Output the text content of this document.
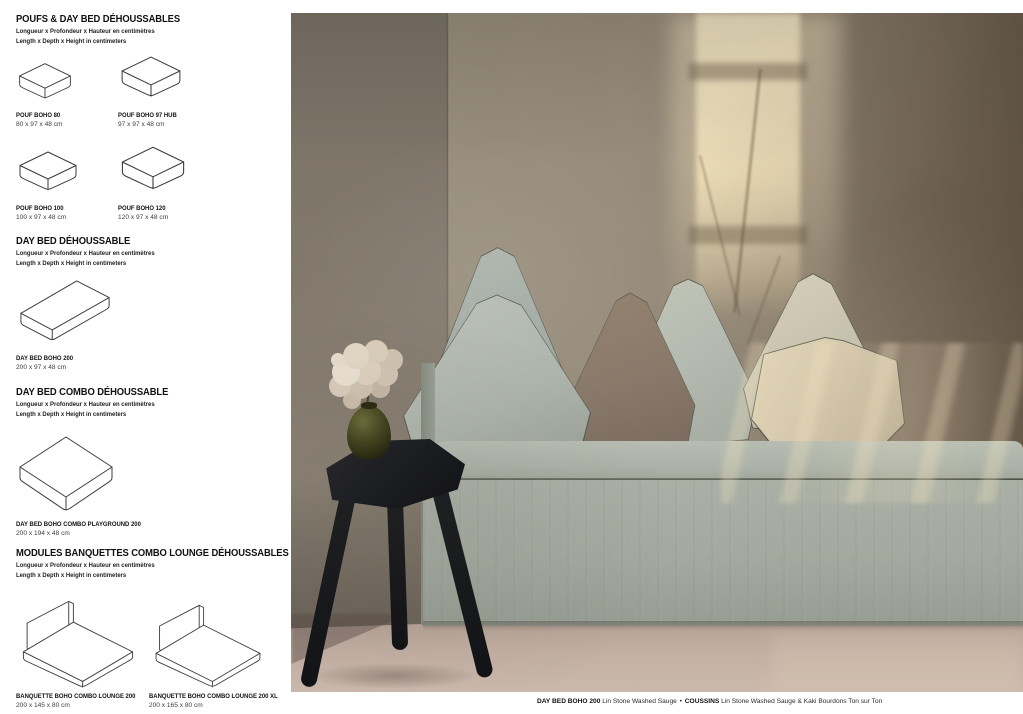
POUFS & DAY BED DÉHOUSSABLES
Longueur x Profondeur x Hauteur en centimètres
Length x Depth x Height in centimeters
POUF BOHO 80
80 x 97 x 48 cm
POUF BOHO 97 HUB
97 x 97 x 48 cm
POUF BOHO 100
100 x 97 x 48 cm
POUF BOHO 120
120 x 97 x 48 cm
DAY BED DÉHOUSSABLE
Longueur x Profondeur x Hauteur en centimètres
Length x Depth x Height in centimeters
DAY BED BOHO 200
200 x 97 x 48 cm
DAY BED COMBO DÉHOUSSABLE
Longueur x Profondeur x Hauteur en centimètres
Length x Depth x Height in centimeters
DAY BED BOHO COMBO PLAYGROUND 200
200 x 194 x 48 cm
MODULES BANQUETTES COMBO LOUNGE DÉHOUSSABLES
Longueur x Profondeur x Hauteur en centimètres
Length x Depth x Height in centimeters
BANQUETTE BOHO COMBO LOUNGE 200
200 x 145 x 80 cm
BANQUETTE BOHO COMBO LOUNGE 200 XL
200 x 165 x 80 cm

DAY BED BOHO 200 Lin Stone Washed Sauge • COUSSINS Lin Stone Washed Sauge & Kaki Bourdons Ton sur Ton
